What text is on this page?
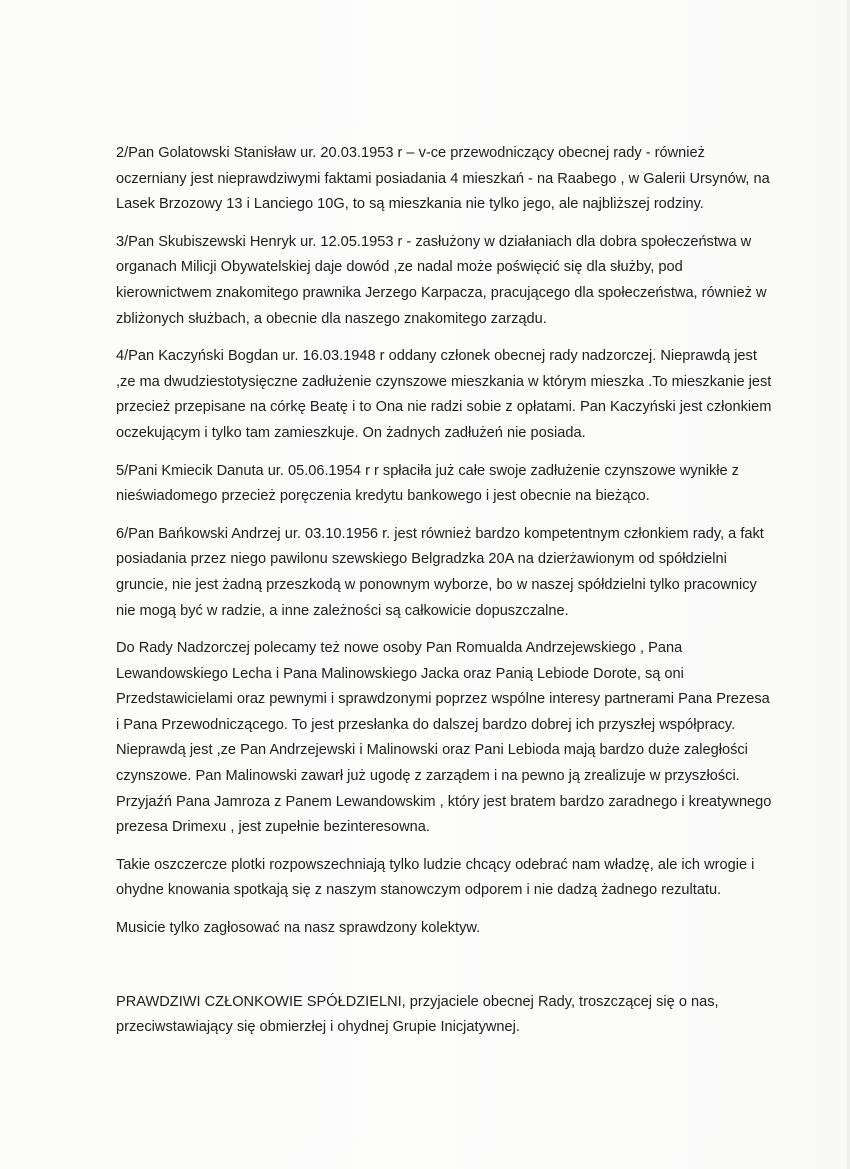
2/Pan Golatowski Stanisław ur. 20.03.1953 r – v-ce przewodniczący obecnej rady - również oczerniany jest nieprawdziwymi faktami posiadania 4 mieszkań - na Raabego , w Galerii Ursynów, na Lasek Brzozowy 13 i Lanciego 10G, to są mieszkania nie tylko jego, ale najbliższej rodziny.

3/Pan Skubiszewski Henryk ur. 12.05.1953 r - zasłużony w działaniach dla dobra społeczeństwa w organach Milicji Obywatelskiej daje dowód ,ze nadal może poświęcić się dla służby, pod kierownictwem znakomitego prawnika Jerzego Karpacza, pracującego dla społeczeństwa, również w zbliżonych służbach, a obecnie dla naszego znakomitego zarządu.

4/Pan Kaczyński Bogdan ur. 16.03.1948 r oddany członek obecnej rady nadzorczej. Nieprawdą jest ,ze ma dwudziestotysięczne zadłużenie czynszowe mieszkania w którym mieszka .To mieszkanie jest przecież przepisane na córkę Beatę i to Ona nie radzi sobie z opłatami. Pan Kaczyński jest członkiem oczekującym i tylko tam zamieszkuje. On żadnych zadłużeń nie posiada.

5/Pani Kmiecik Danuta ur. 05.06.1954 r r spłaciła już całe swoje zadłużenie czynszowe wynikłe z nieświadomego przecież poręczenia kredytu bankowego i jest obecnie na bieżąco.

6/Pan Bańkowski Andrzej ur. 03.10.1956 r. jest również bardzo kompetentnym członkiem rady, a fakt posiadania przez niego pawilonu szewskiego Belgradzka 20A na dzierżawionym od spółdzielni gruncie, nie jest żadną przeszkodą w ponownym wyborze, bo w naszej spółdzielni tylko pracownicy nie mogą być w radzie, a inne zależności są całkowicie dopuszczalne.

Do Rady Nadzorczej polecamy też nowe osoby Pan Romualda Andrzejewskiego , Pana Lewandowskiego Lecha i Pana Malinowskiego Jacka oraz Panią Lebiode Dorote, są oni Przedstawicielami oraz pewnymi i sprawdzonymi poprzez wspólne interesy partnerami Pana Prezesa i Pana Przewodniczącego. To jest przesłanka do dalszej bardzo dobrej ich przyszłej współpracy. Nieprawdą jest ,ze Pan Andrzejewski i Malinowski oraz Pani Lebioda mają bardzo duże zaległości czynszowe. Pan Malinowski zawarł już ugodę z zarządem i na pewno ją zrealizuje w przyszłości. Przyjaźń Pana Jamroza z Panem Lewandowskim , który jest bratem bardzo zaradnego i kreatywnego prezesa Drimexu , jest zupełnie bezinteresowna.

Takie oszczercze plotki rozpowszechniają tylko ludzie chcący odebrać nam władzę, ale ich wrogie i ohydne knowania spotkają się z naszym stanowczym odporem i nie dadzą żadnego rezultatu.

Musicie tylko zagłosować na nasz sprawdzony kolektyw.

PRAWDZIWI CZŁONKOWIE SPÓŁDZIELNI, przyjaciele obecnej Rady, troszczącej się o nas, przeciwstawiający się obmierzłej i ohydnej Grupie Inicjatywnej.
